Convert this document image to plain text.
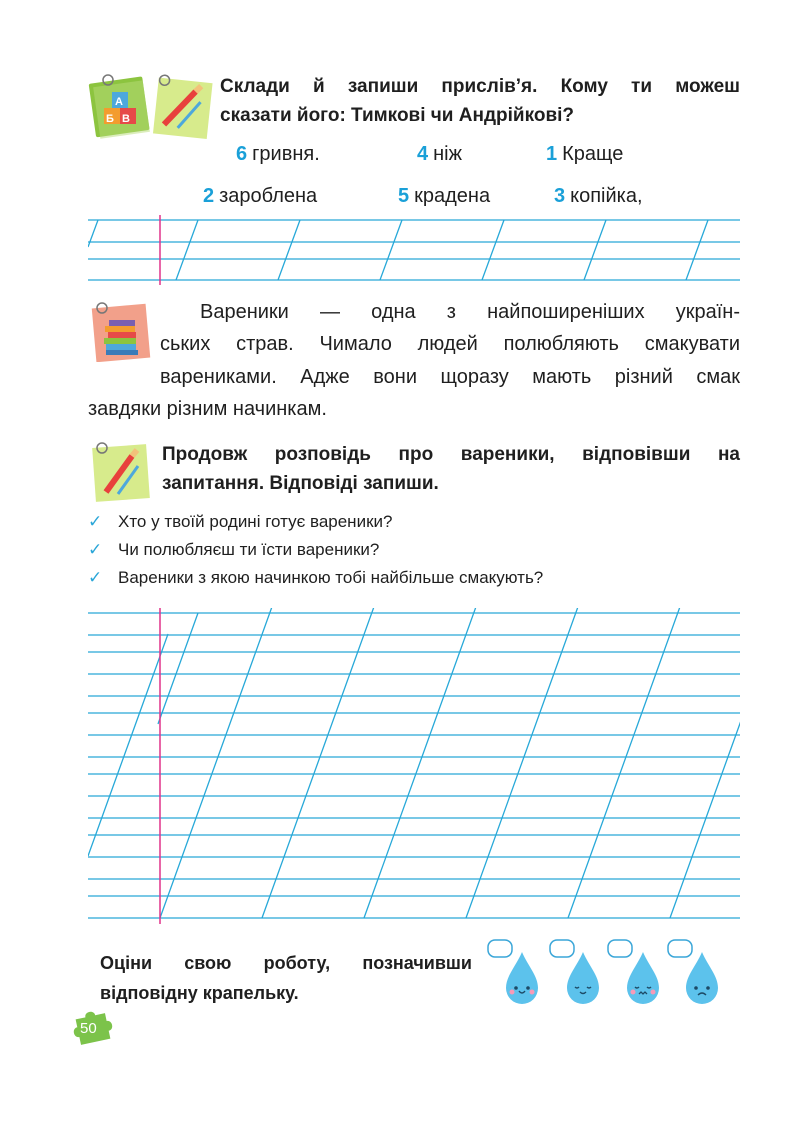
Б В
А
Склади й запиши прислів’я. Кому ти можеш
сказати його: Тимкові чи Андрійкові?
6 гривня.	4 ніж	1 Краще
2 зароблена	5 крадена	3 копійка,
Вареники — одна з найпоширеніших україн-
ських страв. Чимало людей полюбляють смакувати
варениками. Адже вони щоразу мають різний смак
завдяки різним начинкам.
Продовж розповідь про вареники, відповівши на
запитання. Відповіді запиши.
✓ Хто у твоїй родині готує вареники?
✓ Чи полюбляєш ти їсти вареники?
✓ Вареники з якою начинкою тобі найбільше смакують?
Оціни свою роботу, позначивши
відповідну крапельку.
50
